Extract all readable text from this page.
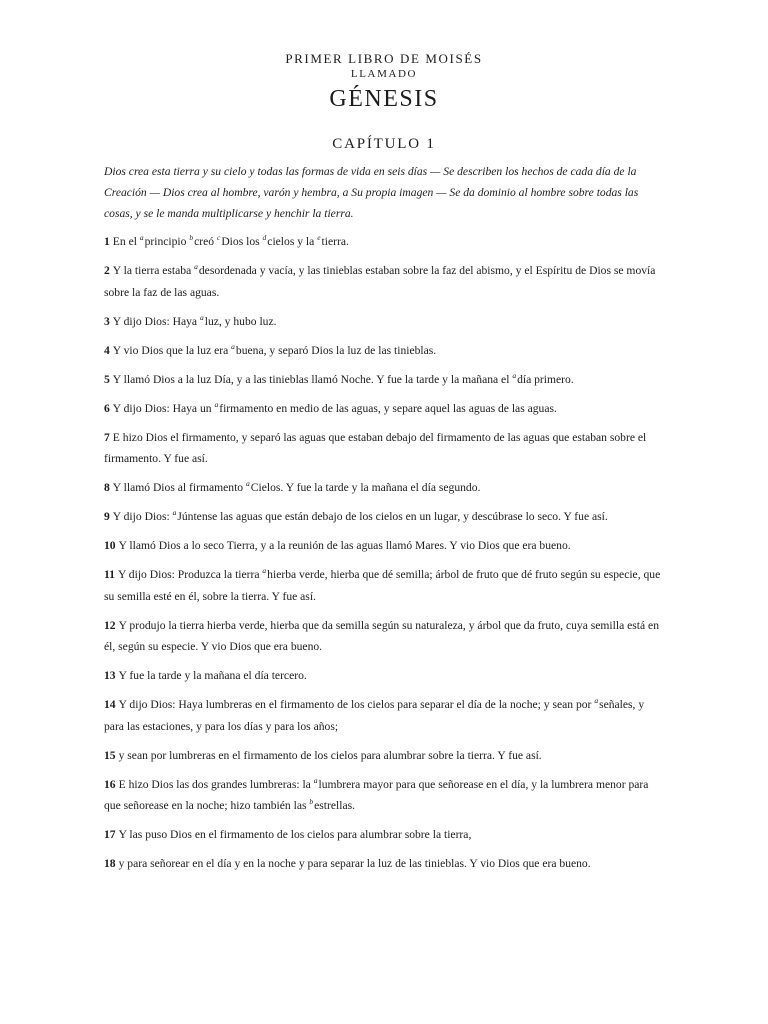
PRIMER LIBRO DE MOISÉS
LLAMADO
GÉNESIS
CAPÍTULO 1
Dios crea esta tierra y su cielo y todas las formas de vida en seis días — Se describen los hechos de cada día de la Creación — Dios crea al hombre, varón y hembra, a Su propia imagen — Se da dominio al hombre sobre todas las cosas, y se le manda multiplicarse y henchir la tierra.

1 En el $^a$principio $^b$creó $^c$Dios los $^d$cielos y la $^e$tierra.

2 Y la tierra estaba $^a$desordenada y vacía, y las tinieblas estaban sobre la faz del abismo, y el Espíritu de Dios se movía sobre la faz de las aguas.

3 Y dijo Dios: Haya $^a$luz, y hubo luz.

4 Y vio Dios que la luz era $^a$buena, y separó Dios la luz de las tinieblas.

5 Y llamó Dios a la luz Día, y a las tinieblas llamó Noche. Y fue la tarde y la mañana el $^a$día primero.

6 Y dijo Dios: Haya un $^a$firmamento en medio de las aguas, y separe aquel las aguas de las aguas.

7 E hizo Dios el firmamento, y separó las aguas que estaban debajo del firmamento de las aguas que estaban sobre el firmamento. Y fue así.

8 Y llamó Dios al firmamento $^a$Cielos. Y fue la tarde y la mañana el día segundo.

9 Y dijo Dios: $^a$Júntense las aguas que están debajo de los cielos en un lugar, y descúbrase lo seco. Y fue así.

10 Y llamó Dios a lo seco Tierra, y a la reunión de las aguas llamó Mares. Y vio Dios que era bueno.

11 Y dijo Dios: Produzca la tierra $^a$hierba verde, hierba que dé semilla; árbol de fruto que dé fruto según su especie, que su semilla esté en él, sobre la tierra. Y fue así.

12 Y produjo la tierra hierba verde, hierba que da semilla según su naturaleza, y árbol que da fruto, cuya semilla está en él, según su especie. Y vio Dios que era bueno.

13 Y fue la tarde y la mañana el día tercero.

14 Y dijo Dios: Haya lumbreras en el firmamento de los cielos para separar el día de la noche; y sean por $^a$señales, y para las estaciones, y para los días y para los años;

15 y sean por lumbreras en el firmamento de los cielos para alumbrar sobre la tierra. Y fue así.

16 E hizo Dios las dos grandes lumbreras: la $^a$lumbrera mayor para que señorease en el día, y la lumbrera menor para que señorease en la noche; hizo también las $^b$estrellas.

17 Y las puso Dios en el firmamento de los cielos para alumbrar sobre la tierra,

18 y para señorear en el día y en la noche y para separar la luz de las tinieblas. Y vio Dios que era bueno.
